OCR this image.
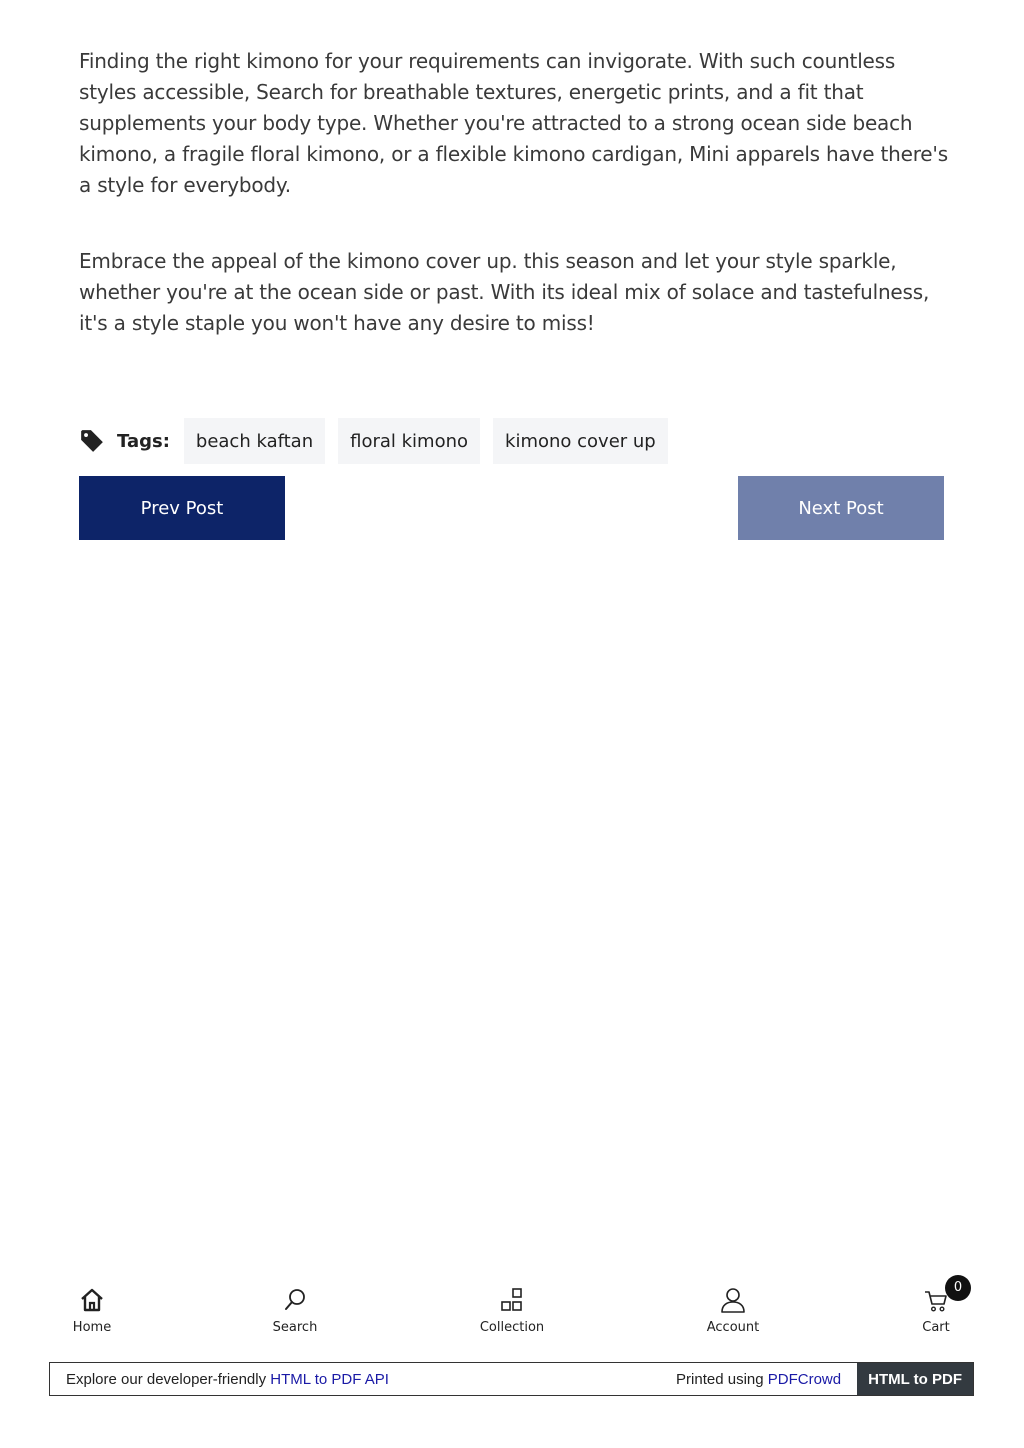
Finding the right kimono for your requirements can invigorate. With such countless styles accessible, Search for breathable textures, energetic prints, and a fit that supplements your body type. Whether you're attracted to a strong ocean side beach kimono, a fragile floral kimono, or a flexible kimono cardigan, Mini apparels have there's a style for everybody.

Embrace the appeal of the kimono cover up. this season and let your style sparkle, whether you're at the ocean side or past. With its ideal mix of solace and tastefulness, it's a style staple you won't have any desire to miss!

Tags:	beach kaftan	floral kimono	kimono cover up
Prev Post	Next Post
Home	Search	Collection	Account
0
Cart
Explore our developer-friendly HTML to PDF API	Printed using PDFCrowd	HTML to PDF
